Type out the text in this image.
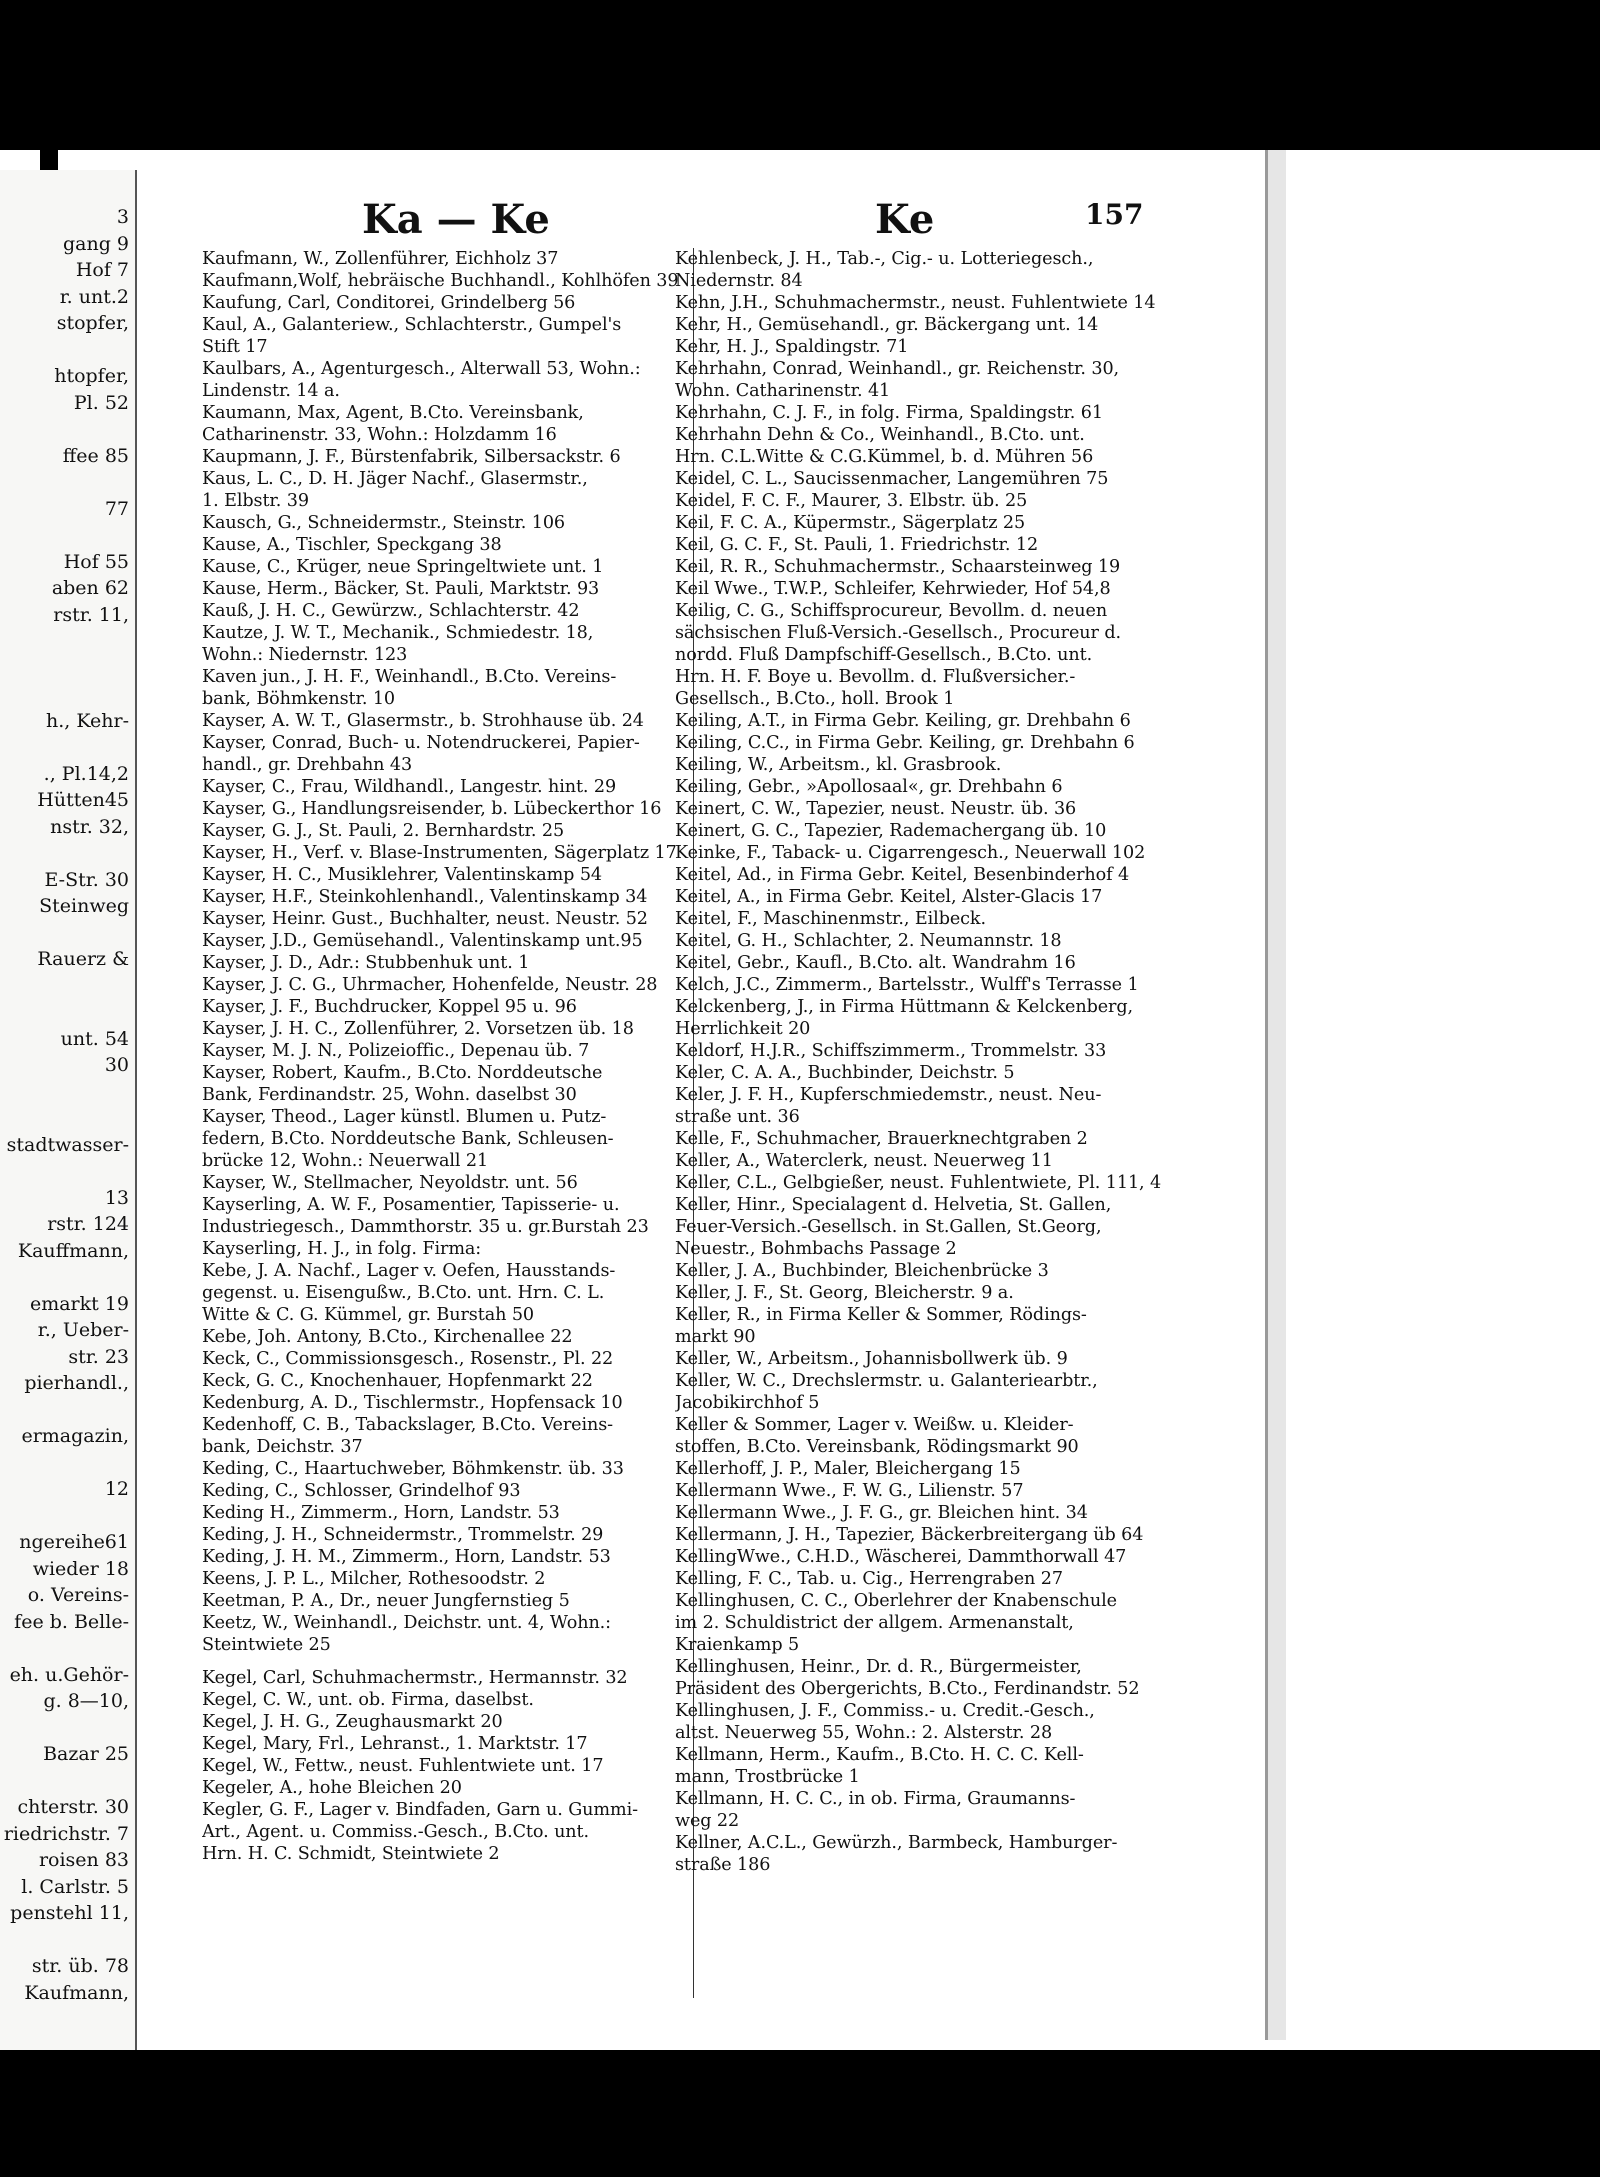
3
gang 9
Hof 7
r. unt.2
stopfer,
htopfer,
Pl. 52
ffee 85
77
Hof 55
aben 62
rstr. 11,
h., Kehr-
., Pl.14,2
Hütten45
nstr. 32,
E-Str. 30
Steinweg
Rauerz &
unt. 54
30
stadtwasser-
13
rstr. 124
Kauffmann,
emarkt 19
r., Ueber-
str. 23
pierhandl.,
ermagazin,
12
ngereihe61
wieder 18
o. Vereins-
fee b. Belle-
eh. u.Gehör-
g. 8—10,
Bazar 25
chterstr. 30
riedrichstr. 7
roisen 83
l. Carlstr. 5
penstehl 11,
str. üb. 78
Kaufmann,
Ka — Ke	Ke	157
Kaufmann, W., Zollenführer, Eichholz 37
Kaufmann,Wolf, hebräische Buchhandl., Kohlhöfen 39
Kaufung, Carl, Conditorei, Grindelberg 56
Kaul, A., Galanteriew., Schlachterstr., Gumpel's
Stift 17
Kaulbars, A., Agenturgesch., Alterwall 53, Wohn.:
Lindenstr. 14 a.
Kaumann, Max, Agent, B.Cto. Vereinsbank,
Catharinenstr. 33, Wohn.: Holzdamm 16
Kaupmann, J. F., Bürstenfabrik, Silbersackstr. 6
Kaus, L. C., D. H. Jäger Nachf., Glasermstr.,
1. Elbstr. 39
Kausch, G., Schneidermstr., Steinstr. 106
Kause, A., Tischler, Speckgang 38
Kause, C., Krüger, neue Springeltwiete unt. 1
Kause, Herm., Bäcker, St. Pauli, Marktstr. 93
Kauß, J. H. C., Gewürzw., Schlachterstr. 42
Kautze, J. W. T., Mechanik., Schmiedestr. 18,
Wohn.: Niedernstr. 123
Kaven jun., J. H. F., Weinhandl., B.Cto. Vereins-
bank, Böhmkenstr. 10
Kayser, A. W. T., Glasermstr., b. Strohhause üb. 24
Kayser, Conrad, Buch- u. Notendruckerei, Papier-
handl., gr. Drehbahn 43
Kayser, C., Frau, Wildhandl., Langestr. hint. 29
Kayser, G., Handlungsreisender, b. Lübeckerthor 16
Kayser, G. J., St. Pauli, 2. Bernhardstr. 25
Kayser, H., Verf. v. Blase-Instrumenten, Sägerplatz 17
Kayser, H. C., Musiklehrer, Valentinskamp 54
Kayser, H.F., Steinkohlenhandl., Valentinskamp 34
Kayser, Heinr. Gust., Buchhalter, neust. Neustr. 52
Kayser, J.D., Gemüsehandl., Valentinskamp unt.95
Kayser, J. D., Adr.: Stubbenhuk unt. 1
Kayser, J. C. G., Uhrmacher, Hohenfelde, Neustr. 28
Kayser, J. F., Buchdrucker, Koppel 95 u. 96
Kayser, J. H. C., Zollenführer, 2. Vorsetzen üb. 18
Kayser, M. J. N., Polizeioffic., Depenau üb. 7
Kayser, Robert, Kaufm., B.Cto. Norddeutsche
Bank, Ferdinandstr. 25, Wohn. daselbst 30
Kayser, Theod., Lager künstl. Blumen u. Putz-
federn, B.Cto. Norddeutsche Bank, Schleusen-
brücke 12, Wohn.: Neuerwall 21
Kayser, W., Stellmacher, Neyoldstr. unt. 56
Kayserling, A. W. F., Posamentier, Tapisserie- u.
Industriegesch., Dammthorstr. 35 u. gr.Burstah 23
Kayserling, H. J., in folg. Firma:
Kebe, J. A. Nachf., Lager v. Oefen, Hausstands-
gegenst. u. Eisengußw., B.Cto. unt. Hrn. C. L.
Witte & C. G. Kümmel, gr. Burstah 50
Kebe, Joh. Antony, B.Cto., Kirchenallee 22
Keck, C., Commissionsgesch., Rosenstr., Pl. 22
Keck, G. C., Knochenhauer, Hopfenmarkt 22
Kedenburg, A. D., Tischlermstr., Hopfensack 10
Kedenhoff, C. B., Tabackslager, B.Cto. Vereins-
bank, Deichstr. 37
Keding, C., Haartuchweber, Böhmkenstr. üb. 33
Keding, C., Schlosser, Grindelhof 93
Keding H., Zimmerm., Horn, Landstr. 53
Keding, J. H., Schneidermstr., Trommelstr. 29
Keding, J. H. M., Zimmerm., Horn, Landstr. 53
Keens, J. P. L., Milcher, Rothesoodstr. 2
Keetman, P. A., Dr., neuer Jungfernstieg 5
Keetz, W., Weinhandl., Deichstr. unt. 4, Wohn.:
Steintwiete 25
Kegel, Carl, Schuhmachermstr., Hermannstr. 32
Kegel, C. W., unt. ob. Firma, daselbst.
Kegel, J. H. G., Zeughausmarkt 20
Kegel, Mary, Frl., Lehranst., 1. Marktstr. 17
Kegel, W., Fettw., neust. Fuhlentwiete unt. 17
Kegeler, A., hohe Bleichen 20
Kegler, G. F., Lager v. Bindfaden, Garn u. Gummi-
Art., Agent. u. Commiss.-Gesch., B.Cto. unt.
Hrn. H. C. Schmidt, Steintwiete 2
Kehlenbeck, J. H., Tab.-, Cig.- u. Lotteriegesch.,
Niedernstr. 84
Kehn, J.H., Schuhmachermstr., neust. Fuhlentwiete 14
Kehr, H., Gemüsehandl., gr. Bäckergang unt. 14
Kehr, H. J., Spaldingstr. 71
Kehrhahn, Conrad, Weinhandl., gr. Reichenstr. 30,
Wohn. Catharinenstr. 41
Kehrhahn, C. J. F., in folg. Firma, Spaldingstr. 61
Kehrhahn Dehn & Co., Weinhandl., B.Cto. unt.
Hrn. C.L.Witte & C.G.Kümmel, b. d. Mühren 56
Keidel, C. L., Saucissenmacher, Langemühren 75
Keidel, F. C. F., Maurer, 3. Elbstr. üb. 25
Keil, F. C. A., Küpermstr., Sägerplatz 25
Keil, G. C. F., St. Pauli, 1. Friedrichstr. 12
Keil, R. R., Schuhmachermstr., Schaarsteinweg 19
Keil Wwe., T.W.P., Schleifer, Kehrwieder, Hof 54,8
Keilig, C. G., Schiffsprocureur, Bevollm. d. neuen
sächsischen Fluß-Versich.-Gesellsch., Procureur d.
nordd. Fluß Dampfschiff-Gesellsch., B.Cto. unt.
Hrn. H. F. Boye u. Bevollm. d. Flußversicher.-
Gesellsch., B.Cto., holl. Brook 1
Keiling, A.T., in Firma Gebr. Keiling, gr. Drehbahn 6
Keiling, C.C., in Firma Gebr. Keiling, gr. Drehbahn 6
Keiling, W., Arbeitsm., kl. Grasbrook.
Keiling, Gebr., »Apollosaal«, gr. Drehbahn 6
Keinert, C. W., Tapezier, neust. Neustr. üb. 36
Keinert, G. C., Tapezier, Rademachergang üb. 10
Keinke, F., Taback- u. Cigarrengesch., Neuerwall 102
Keitel, Ad., in Firma Gebr. Keitel, Besenbinderhof 4
Keitel, A., in Firma Gebr. Keitel, Alster-Glacis 17
Keitel, F., Maschinenmstr., Eilbeck.
Keitel, G. H., Schlachter, 2. Neumannstr. 18
Keitel, Gebr., Kaufl., B.Cto. alt. Wandrahm 16
Kelch, J.C., Zimmerm., Bartelsstr., Wulff's Terrasse 1
Kelckenberg, J., in Firma Hüttmann & Kelckenberg,
Herrlichkeit 20
Keldorf, H.J.R., Schiffszimmerm., Trommelstr. 33
Keler, C. A. A., Buchbinder, Deichstr. 5
Keler, J. F. H., Kupferschmiedemstr., neust. Neu-
straße unt. 36
Kelle, F., Schuhmacher, Brauerknechtgraben 2
Keller, A., Waterclerk, neust. Neuerweg 11
Keller, C.L., Gelbgießer, neust. Fuhlentwiete, Pl. 111, 4
Keller, Hinr., Specialagent d. Helvetia, St. Gallen,
Feuer-Versich.-Gesellsch. in St.Gallen, St.Georg,
Neuestr., Bohmbachs Passage 2
Keller, J. A., Buchbinder, Bleichenbrücke 3
Keller, J. F., St. Georg, Bleicherstr. 9 a.
Keller, R., in Firma Keller & Sommer, Rödings-
markt 90
Keller, W., Arbeitsm., Johannisbollwerk üb. 9
Keller, W. C., Drechslermstr. u. Galanteriearbtr.,
Jacobikirchhof 5
Keller & Sommer, Lager v. Weißw. u. Kleider-
stoffen, B.Cto. Vereinsbank, Rödingsmarkt 90
Kellerhoff, J. P., Maler, Bleichergang 15
Kellermann Wwe., F. W. G., Lilienstr. 57
Kellermann Wwe., J. F. G., gr. Bleichen hint. 34
Kellermann, J. H., Tapezier, Bäckerbreitergang üb 64
KellingWwe., C.H.D., Wäscherei, Dammthorwall 47
Kelling, F. C., Tab. u. Cig., Herrengraben 27
Kellinghusen, C. C., Oberlehrer der Knabenschule
im 2. Schuldistrict der allgem. Armenanstalt,
Kraienkamp 5
Kellinghusen, Heinr., Dr. d. R., Bürgermeister,
Präsident des Obergerichts, B.Cto., Ferdinandstr. 52
Kellinghusen, J. F., Commiss.- u. Credit.-Gesch.,
altst. Neuerweg 55, Wohn.: 2. Alsterstr. 28
Kellmann, Herm., Kaufm., B.Cto. H. C. C. Kell-
mann, Trostbrücke 1
Kellmann, H. C. C., in ob. Firma, Graumanns-
weg 22
Kellner, A.C.L., Gewürzh., Barmbeck, Hamburger-
straße 186
